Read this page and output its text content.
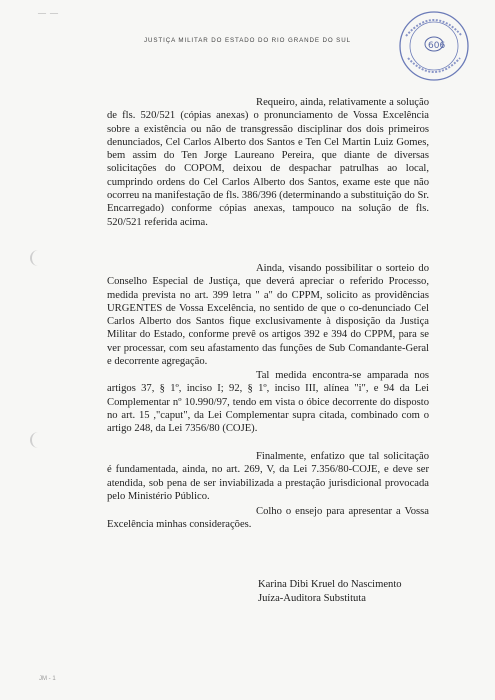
— —
JUSTIÇA MILITAR DO ESTADO DO RIO GRANDE DO SUL
606

Requeiro, ainda, relativamente a solução de fls. 520/521 (cópias anexas) o pronunciamento de Vossa Excelência sobre a existência ou não de transgressão disciplinar dos dois primeiros denunciados, Cel Carlos Alberto dos Santos e Ten Cel Martin Luiz Gomes, bem assim do Ten Jorge Laureano Pereira, que diante de diversas solicitações do COPOM, deixou de despachar patrulhas ao local, cumprindo ordens do Cel Carlos Alberto dos Santos, exame este que não ocorreu na manifestação de fls. 386/396 (determinando a substituição do Sr. Encarregado) conforme cópias anexas, tampouco na solução de fls. 520/521 referida acima.

Ainda, visando possibilitar o sorteio do Conselho Especial de Justiça, que deverá apreciar o referido Processo, medida prevista no art. 399 letra " a" do CPPM, solicito as providências URGENTES de Vossa Excelência, no sentido de que o co-denunciado Cel Carlos Alberto dos Santos fique exclusivamente à disposição da Justiça Militar do Estado, conforme prevê os artigos 392 e 394 do CPPM, para se ver processar, com seu afastamento das funções de Sub Comandante-Geral e decorrente agregação.

Tal medida encontra-se amparada nos artigos 37, § 1º, inciso I; 92, § 1º, inciso III, alínea "i", e 94 da Lei Complementar nº 10.990/97, tendo em vista o óbice decorrente do disposto no art. 15 ,"caput", da Lei Complementar supra citada, combinado com o artigo 248, da Lei 7356/80 (COJE).

Finalmente, enfatizo que tal solicitação é fundamentada, ainda, no art. 269, V, da Lei 7.356/80-COJE, e deve ser atendida, sob pena de ser inviabilizada a prestação jurisdicional provocada pelo Ministério Público.

Colho o ensejo para apresentar a Vossa Excelência minhas considerações.

Karina Dibi Kruel do Nascimento
Juíza-Auditora Substituta
JM - 1
